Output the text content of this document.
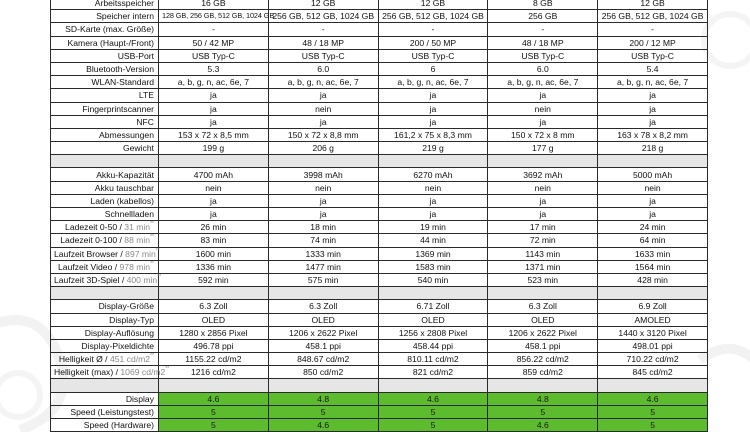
Arbeitsspeicher	16 GB	12 GB	12 GB	8 GB	12 GB
Speicher intern	128 GB, 256 GB, 512 GB, 1024 GB	256 GB, 512 GB, 1024 GB	256 GB, 512 GB, 1024 GB	256 GB	256 GB, 512 GB, 1024 GB
SD-Karte (max. Größe)	-	-	-	-	-
Kamera (Haupt-/Front)	50 / 42 MP	48 / 18 MP	200 / 50 MP	48 / 18 MP	200 / 12 MP
USB-Port	USB Typ-C	USB Typ-C	USB Typ-C	USB Typ-C	USB Typ-C
Bluetooth-Version	5.3	6.0	6	6.0	5.4
WLAN-Standard	a, b, g, n, ac, 6e, 7	a, b, g, n, ac, 6e, 7	a, b, g, n, ac, 6e, 7	a, b, g, n, ac, 6e, 7	a, b, g, n, ac, 6e, 7
LTE	ja	ja	ja	ja	ja
Fingerprintscanner	ja	nein	ja	nein	ja
NFC	ja	ja	ja	ja	ja
Abmessungen	153 x 72 x 8,5 mm	150 x 72 x 8,8 mm	161,2 x 75 x 8,3 mm	150 x 72 x 8 mm	163 x 78 x 8,2 mm
Gewicht	199 g	206 g	219 g	177 g	218 g

Akku-Kapazität	4700 mAh	3998 mAh	6270 mAh	3692 mAh	5000 mAh
Akku tauschbar	nein	nein	nein	nein	nein
Laden (kabellos)	ja	ja	ja	ja	ja
Schnellladen	ja	ja	ja	ja	ja
Ladezeit 0-50 / 31 min**	26 min	18 min	19 min	17 min	24 min
Ladezeit 0-100 / 88 min**	83 min	74 min	44 min	72 min	64 min
Laufzeit Browser / 897 min**	1600 min	1333 min	1369 min	1143 min	1633 min
Laufzeit Video / 978 min**	1336 min	1477 min	1583 min	1371 min	1564 min
Laufzeit 3D-Spiel / 400 min**	592 min	575 min	540 min	523 min	428 min

Display-Größe	6.3 Zoll	6.3 Zoll	6.71 Zoll	6.3 Zoll	6.9 Zoll
Display-Typ	OLED	OLED	OLED	OLED	AMOLED
Display-Auflösung	1280 x 2856 Pixel	1206 x 2622 Pixel	1256 x 2808 Pixel	1206 x 2622 Pixel	1440 x 3120 Pixel
Display-Pixeldichte	496.78 ppi	458.1 ppi	458.44 ppi	458.1 ppi	498.01 ppi
Helligkeit Ø / 451 cd/m2**	1155.22 cd/m2	848.67 cd/m2	810.11 cd/m2	856.22 cd/m2	710.22 cd/m2
Helligkeit (max) / 1069 cd/m2**	1216 cd/m2	850 cd/m2	821 cd/m2	859 cd/m2	845 cd/m2

Display	4.6	4.8	4.6	4.8	4.6
Speed (Leistungstest)	5	5	5	5	5
Speed (Hardware)	5	4.6	5	4.6	5
